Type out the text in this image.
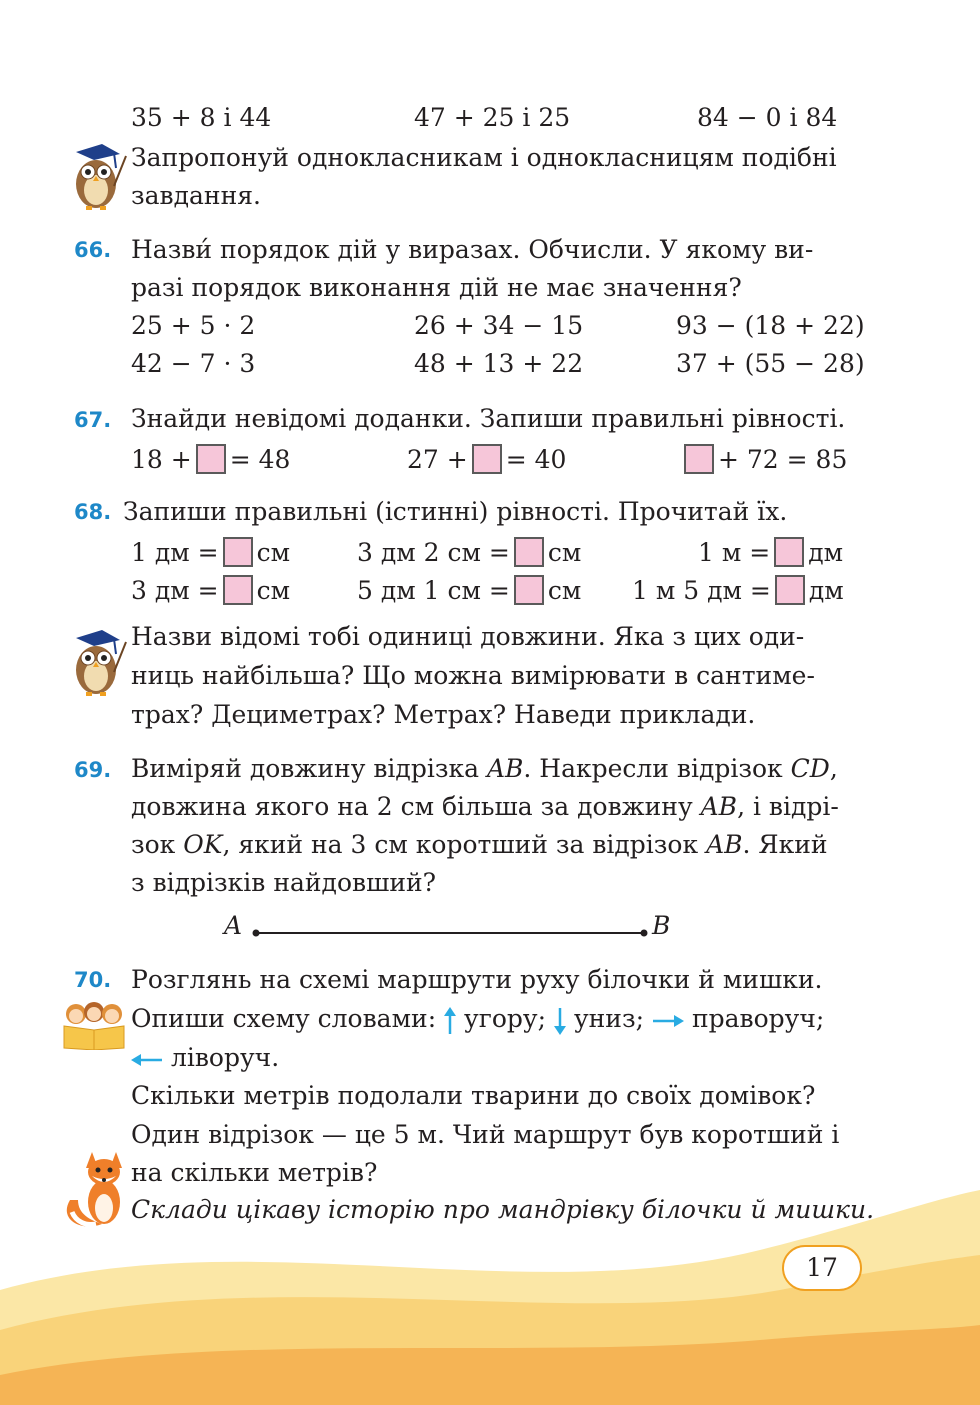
35 + 8 і 44	47 + 25 і 25	84 − 0 і 84
Запропонуй однокласникам і однокласницям подібні
завдання.
66. Назви́ порядок дій у виразах. Обчисли. У якому ви-
разі порядок виконання дій не має значення?
25 + 5 · 2	26 + 34 − 15	93 − (18 + 22)
42 − 7 · 3	48 + 13 + 22	37 + (55 − 28)
67. Знайди невідомі доданки. Запиши правильні рівності.
18 + = 48	27 + = 40	+ 72 = 85
68. Запиши правильні (істинні) рівності. Прочитай їх.
1 дм = см	3 дм 2 см = см	1 м = дм
3 дм = см	5 дм 1 см = см 1 м 5 дм = дм
Назви відомі тобі одиниці довжини. Яка з цих оди-
ниць найбільша? Що можна вимірювати в сантиме-
трах? Дециметрах? Метрах? Наведи приклади.
69. Виміряй довжину відрізка AB. Накресли відрізок CD,
довжина якого на 2 см більша за довжину AB, і відрі-
зок OK, який на 3 см коротший за відрізок AB. Який
з відрізків найдовший?
A	B
70. Розглянь на схемі маршрути руху білочки й мишки.
Опиши схему словами: угору; униз; праворуч;
ліворуч.
Скільки метрів подолали тварини до своїх домівок?
Один відрізок — це 5 м. Чий маршрут був коротший і
на скільки метрів?
Склади цікаву історію про мандрівку білочки й мишки.
17
